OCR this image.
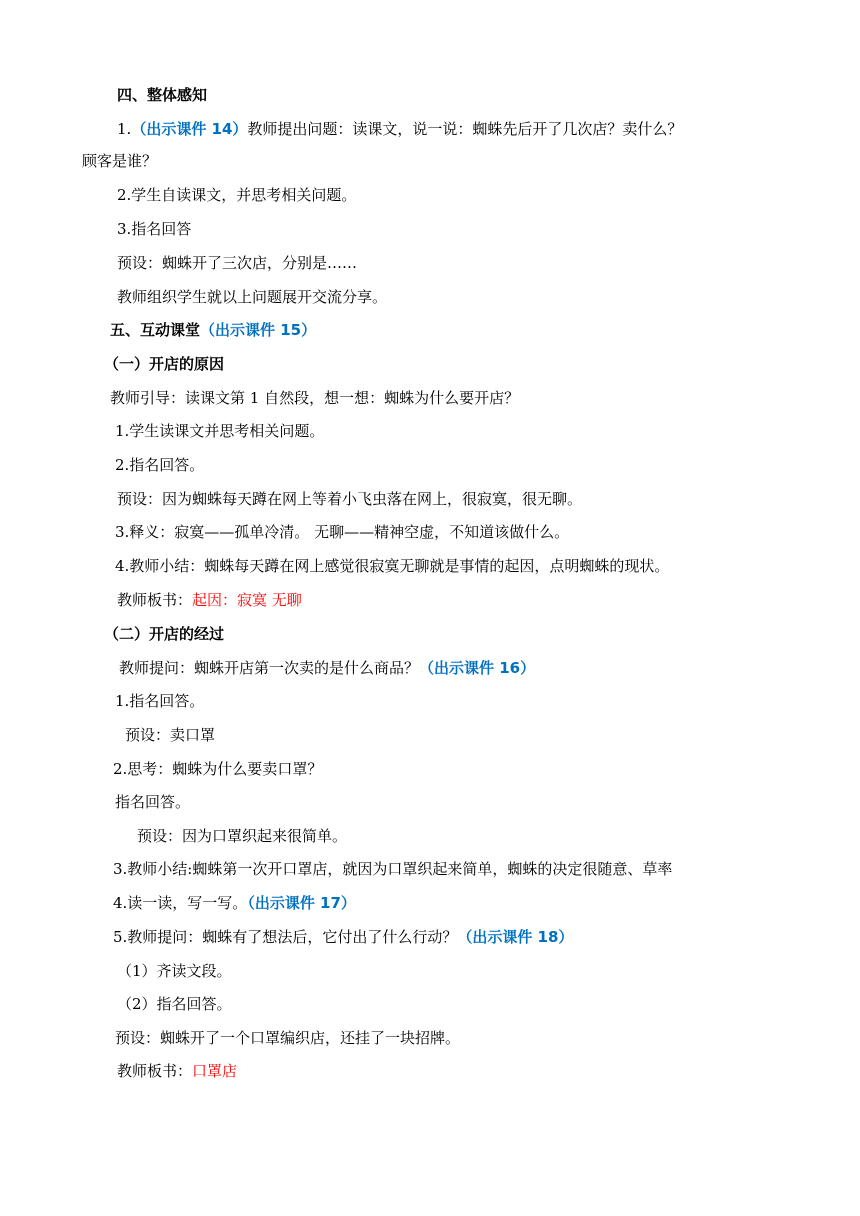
四、整体感知
1.（出示课件 14）教师提出问题：读课文，说一说：蜘蛛先后开了几次店？卖什么？
顾客是谁？
2.学生自读课文，并思考相关问题。
3.指名回答
预设：蜘蛛开了三次店，分别是……
教师组织学生就以上问题展开交流分享。
五、互动课堂（出示课件 15）
（一）开店的原因
教师引导：读课文第 1 自然段，想一想：蜘蛛为什么要开店？
1.学生读课文并思考相关问题。
2.指名回答。
预设：因为蜘蛛每天蹲在网上等着小飞虫落在网上，很寂寞，很无聊。
3.释义：寂寞——孤单冷清。 无聊——精神空虚，不知道该做什么。
4.教师小结：蜘蛛每天蹲在网上感觉很寂寞无聊就是事情的起因，点明蜘蛛的现状。
教师板书：起因：寂寞 无聊
（二）开店的经过
教师提问：蜘蛛开店第一次卖的是什么商品？（出示课件 16）
1.指名回答。
预设：卖口罩
2.思考：蜘蛛为什么要卖口罩？
指名回答。
预设：因为口罩织起来很简单。
3.教师小结:蜘蛛第一次开口罩店，就因为口罩织起来简单，蜘蛛的决定很随意、草率
4.读一读，写一写。（出示课件 17）
5.教师提问：蜘蛛有了想法后，它付出了什么行动？（出示课件 18）
（1）齐读文段。
（2）指名回答。
预设：蜘蛛开了一个口罩编织店，还挂了一块招牌。
教师板书：口罩店
